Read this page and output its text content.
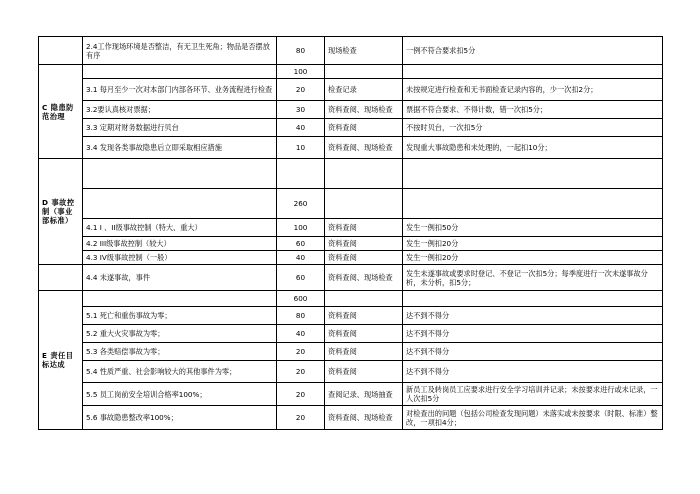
	2.4工作现场环境是否整洁，有无卫生死角；物品是否摆放有序	80	现场检查	一例不符合要求扣5分
C 隐患防范治理		100		
	3.1 每月至少一次对本部门内部各环节、业务流程进行检查	20	检查记录	未按规定进行检查和无书面检查记录内容的，少一次扣2分；
	3.2要认真核对票据；	30	资料查阅、现场检查	票据不符合要求、不得计数，错一次扣5分；
	3.3 定期对财务数据进行贝台	40	资料查阅	不按时贝台，一次扣5分
	3.4 发现各类事故隐患后立即采取相应措施	10	资料查阅、现场检查	发现重大事故隐患和未处理的，一起扣10分；
D 事故控制（事业部标准）				
		260		
	4.1 I 、II级事故控制（特大、重大）	100	资料查阅	发生一例扣50分
	4.2 III级事故控制（较大）	60	资料查阅	发生一例扣20分
	4.3 IV级事故控制（一般）	40	资料查阅	发生一例扣20分
	4.4 未遂事故，事件	60	资料查阅、现场检查	发生未遂事故或要求时登记、不登记一次扣5分；每季度进行一次未遂事故分析，未分析，扣5分；
E 责任目标达成		600		
	5.1 死亡和重伤事故为零；	80	资料查阅	达不到不得分
	5.2 重大火灾事故为零；	40	资料查阅	达不到不得分
	5.3 各类赔偿事故为零；	20	资料查阅	达不到不得分
	5.4 性质严重、社会影响较大的其他事件为零；	20	资料查阅	达不到不得分
	5.5 员工岗前安全培训合格率100%；	20	查阅记录、现场抽查	新员工及转岗员工应要求进行安全学习培训并记录；未按要求进行或未记录，一人次扣5分
	5.6 事故隐患整改率100%；	20	资料查阅、现场检查	对检查出的问题（包括公司检查发现问题）未落实或未按要求（时限、标准）整改，一项扣4分；
